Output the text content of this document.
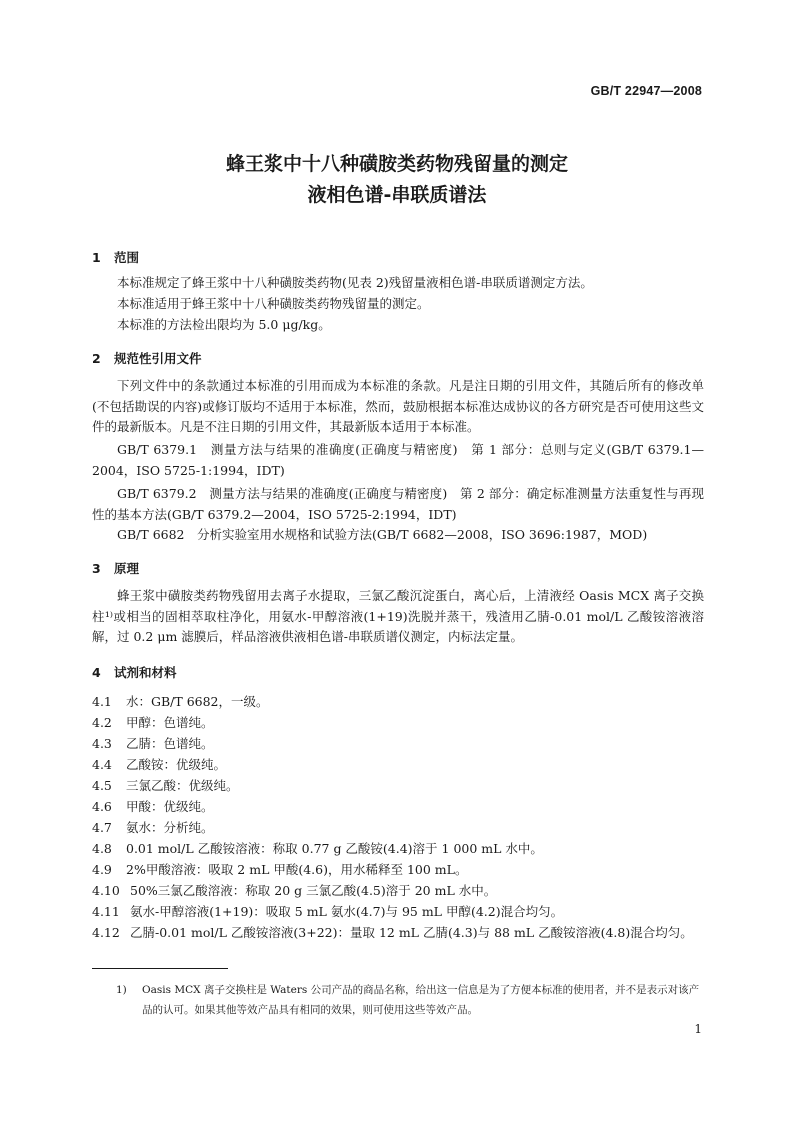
GB/T 22947—2008
蜂王浆中十八种磺胺类药物残留量的测定
液相色谱-串联质谱法
1 范围
本标准规定了蜂王浆中十八种磺胺类药物(见表 2)残留量液相色谱-串联质谱测定方法。
本标准适用于蜂王浆中十八种磺胺类药物残留量的测定。
本标准的方法检出限均为 5.0 μg/kg。
2 规范性引用文件
下列文件中的条款通过本标准的引用而成为本标准的条款。凡是注日期的引用文件，其随后所有的修改单(不包括勘误的内容)或修订版均不适用于本标准，然而，鼓励根据本标准达成协议的各方研究是否可使用这些文件的最新版本。凡是不注日期的引用文件，其最新版本适用于本标准。
GB/T 6379.1　测量方法与结果的准确度(正确度与精密度)　第 1 部分：总则与定义(GB/T 6379.1—2004，ISO 5725-1:1994，IDT)
GB/T 6379.2　测量方法与结果的准确度(正确度与精密度)　第 2 部分：确定标准测量方法重复性与再现性的基本方法(GB/T 6379.2—2004，ISO 5725-2:1994，IDT)
GB/T 6682　分析实验室用水规格和试验方法(GB/T 6682—2008，ISO 3696:1987，MOD)
3 原理
蜂王浆中磺胺类药物残留用去离子水提取，三氯乙酸沉淀蛋白，离心后，上清液经 Oasis MCX 离子交换柱¹⁾或相当的固相萃取柱净化，用氨水-甲醇溶液(1+19)洗脱并蒸干，残渣用乙腈-0.01 mol/L 乙酸铵溶液溶解，过 0.2 μm 滤膜后，样品溶液供液相色谱-串联质谱仪测定，内标法定量。
4 试剂和材料
4.1 水：GB/T 6682，一级。
4.2 甲醇：色谱纯。
4.3 乙腈：色谱纯。
4.4 乙酸铵：优级纯。
4.5 三氯乙酸：优级纯。
4.6 甲酸：优级纯。
4.7 氨水：分析纯。
4.8 0.01 mol/L 乙酸铵溶液：称取 0.77 g 乙酸铵(4.4)溶于 1 000 mL 水中。
4.9 2%甲酸溶液：吸取 2 mL 甲酸(4.6)，用水稀释至 100 mL。
4.10 50%三氯乙酸溶液：称取 20 g 三氯乙酸(4.5)溶于 20 mL 水中。
4.11 氨水-甲醇溶液(1+19)：吸取 5 mL 氨水(4.7)与 95 mL 甲醇(4.2)混合均匀。
4.12 乙腈-0.01 mol/L 乙酸铵溶液(3+22)：量取 12 mL 乙腈(4.3)与 88 mL 乙酸铵溶液(4.8)混合均匀。
1) Oasis MCX 离子交换柱是 Waters 公司产品的商品名称，给出这一信息是为了方便本标准的使用者，并不是表示对该产品的认可。如果其他等效产品具有相同的效果，则可使用这些等效产品。
1
